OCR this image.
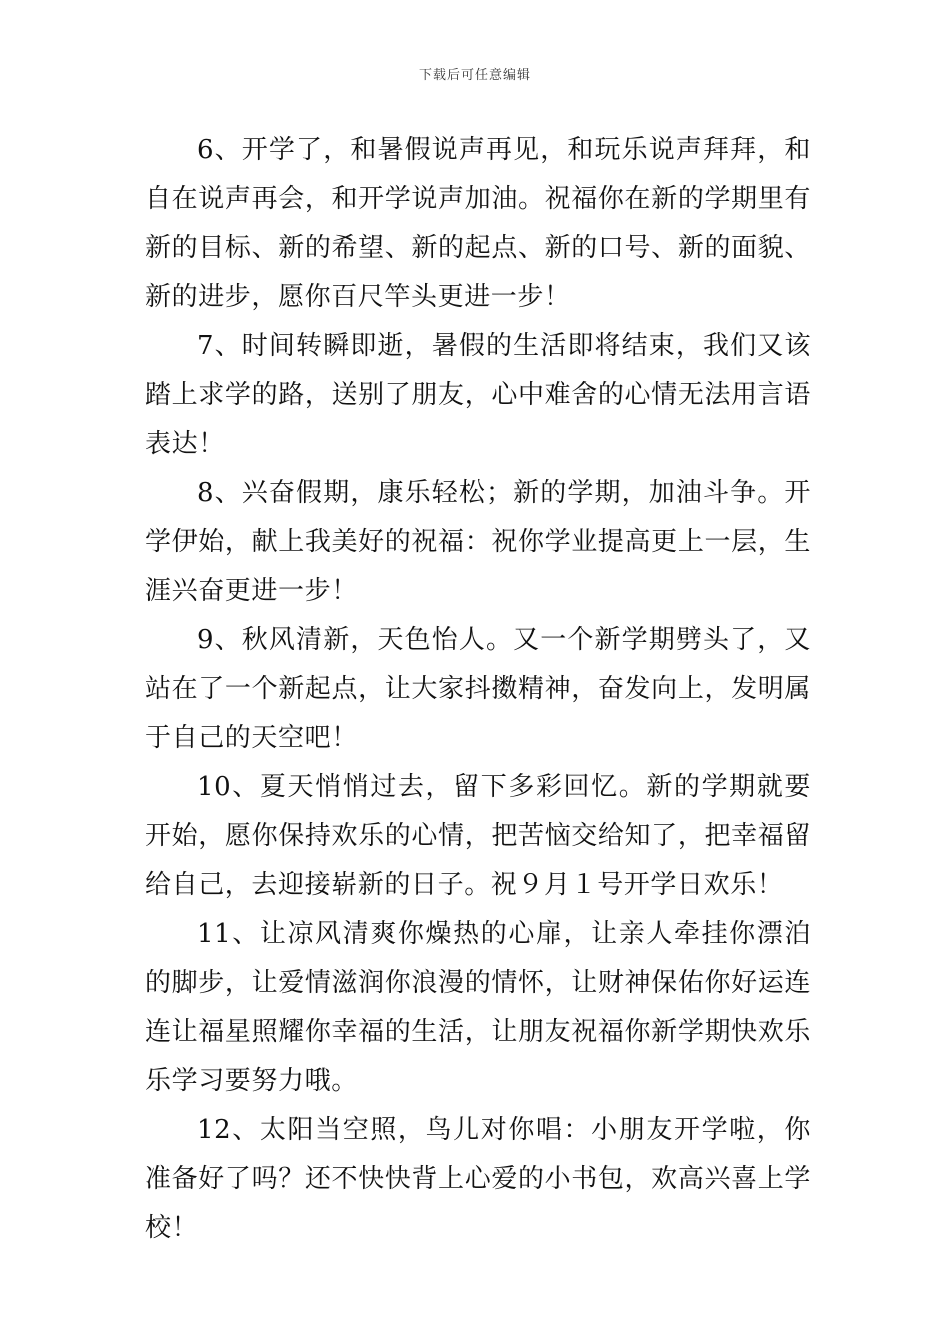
下载后可任意编辑

6、开学了，和暑假说声再见，和玩乐说声拜拜，和自在说声再会，和开学说声加油。祝福你在新的学期里有新的目标、新的希望、新的起点、新的口号、新的面貌、新的进步，愿你百尺竿头更进一步！

7、时间转瞬即逝，暑假的生活即将结束，我们又该踏上求学的路，送别了朋友，心中难舍的心情无法用言语表达！

8、兴奋假期，康乐轻松；新的学期，加油斗争。开学伊始，献上我美好的祝福：祝你学业提高更上一层，生涯兴奋更进一步！

9、秋风清新，天色怡人。又一个新学期劈头了，又站在了一个新起点，让大家抖擞精神，奋发向上，发明属于自己的天空吧！

10、夏天悄悄过去，留下多彩回忆。新的学期就要开始，愿你保持欢乐的心情，把苦恼交给知了，把幸福留给自己，去迎接崭新的日子。祝９月１号开学日欢乐！

11、让凉风清爽你燥热的心扉，让亲人牵挂你漂泊的脚步，让爱情滋润你浪漫的情怀，让财神保佑你好运连连让福星照耀你幸福的生活，让朋友祝福你新学期快欢乐乐学习要努力哦。

12、太阳当空照，鸟儿对你唱：小朋友开学啦，你准备好了吗？还不快快背上心爱的小书包，欢高兴喜上学校！
